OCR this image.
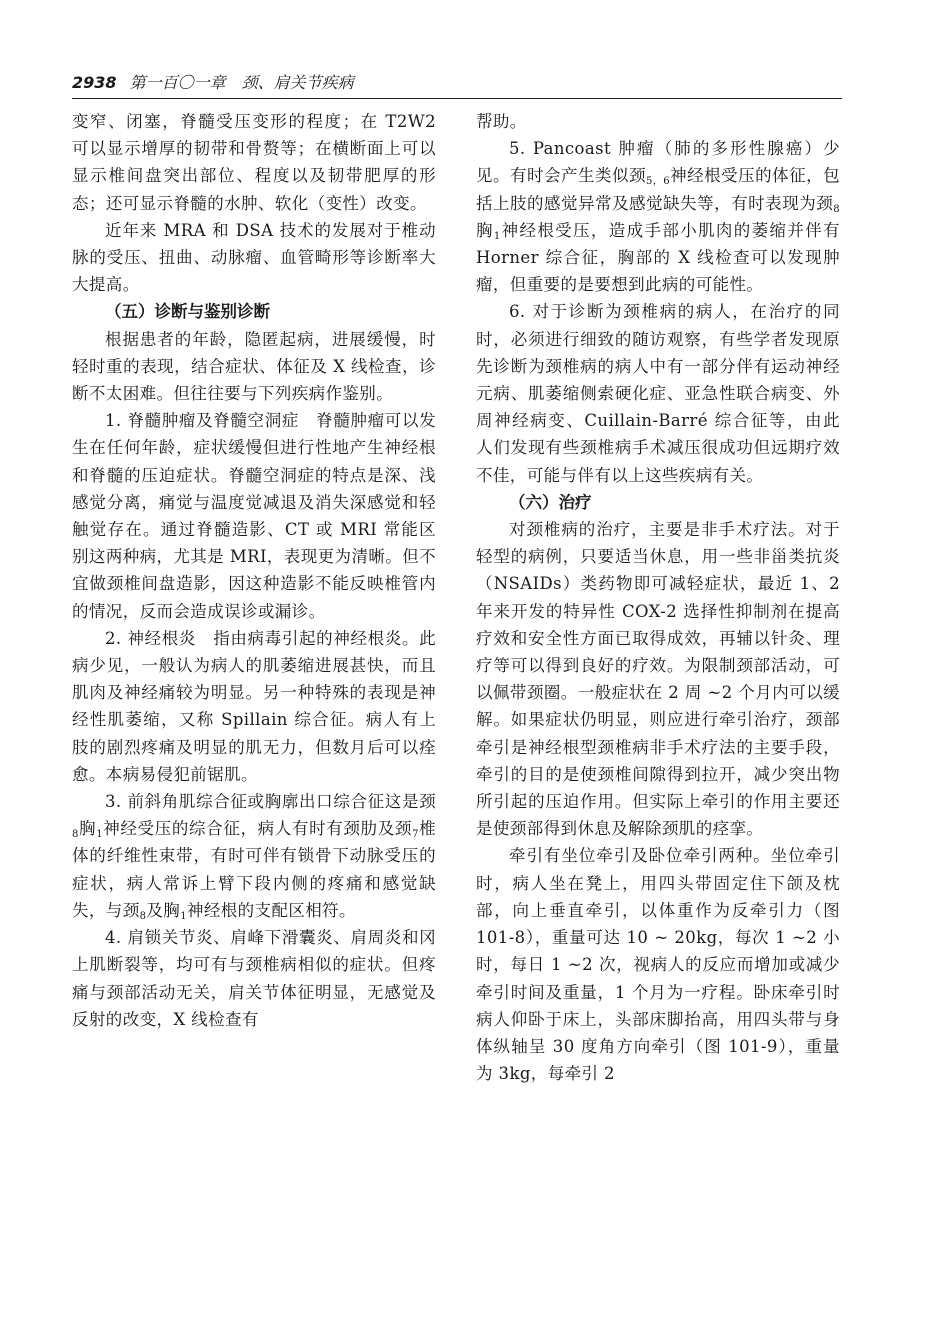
2938 第一百〇一章　颈、肩关节疾病

变窄、闭塞，脊髓受压变形的程度；在 T2W2 可以显示增厚的韧带和骨赘等；在横断面上可以显示椎间盘突出部位、程度以及韧带肥厚的形态；还可显示脊髓的水肿、软化（变性）改变。

近年来 MRA 和 DSA 技术的发展对于椎动脉的受压、扭曲、动脉瘤、血管畸形等诊断率大大提高。

（五）诊断与鉴别诊断

根据患者的年龄，隐匿起病，进展缓慢，时轻时重的表现，结合症状、体征及 X 线检查，诊断不太困难。但往往要与下列疾病作鉴别。

1. 脊髓肿瘤及脊髓空洞症　脊髓肿瘤可以发生在任何年龄，症状缓慢但进行性地产生神经根和脊髓的压迫症状。脊髓空洞症的特点是深、浅感觉分离，痛觉与温度觉减退及消失深感觉和轻触觉存在。通过脊髓造影、CT 或 MRI 常能区别这两种病，尤其是 MRI，表现更为清晰。但不宜做颈椎间盘造影，因这种造影不能反映椎管内的情况，反而会造成误诊或漏诊。

2. 神经根炎　指由病毒引起的神经根炎。此病少见，一般认为病人的肌萎缩进展甚快，而且肌肉及神经痛较为明显。另一种特殊的表现是神经性肌萎缩，又称 Spillain 综合征。病人有上肢的剧烈疼痛及明显的肌无力，但数月后可以痊愈。本病易侵犯前锯肌。

3. 前斜角肌综合征或胸廓出口综合征这是颈$_8$胸$_1$神经受压的综合征，病人有时有颈肋及颈$_7$椎体的纤维性束带，有时可伴有锁骨下动脉受压的症状，病人常诉上臂下段内侧的疼痛和感觉缺失，与颈$_8$及胸$_1$神经根的支配区相符。

4. 肩锁关节炎、肩峰下滑囊炎、肩周炎和冈上肌断裂等，均可有与颈椎病相似的症状。但疼痛与颈部活动无关，肩关节体征明显，无感觉及反射的改变，X 线检查有

帮助。

5. Pancoast 肿瘤（肺的多形性腺癌）少见。有时会产生类似颈$_{5,6}$神经根受压的体征，包括上肢的感觉异常及感觉缺失等，有时表现为颈$_8$胸$_1$神经根受压，造成手部小肌肉的萎缩并伴有 Horner 综合征，胸部的 X 线检查可以发现肿瘤，但重要的是要想到此病的可能性。

6. 对于诊断为颈椎病的病人，在治疗的同时，必须进行细致的随访观察，有些学者发现原先诊断为颈椎病的病人中有一部分伴有运动神经元病、肌萎缩侧索硬化症、亚急性联合病变、外周神经病变、Cuillain-Barré 综合征等，由此人们发现有些颈椎病手术减压很成功但远期疗效不佳，可能与伴有以上这些疾病有关。

（六）治疗

对颈椎病的治疗，主要是非手术疗法。对于轻型的病例，只要适当休息，用一些非甾类抗炎（NSAIDs）类药物即可减轻症状，最近 1、2 年来开发的特异性 COX-2 选择性抑制剂在提高疗效和安全性方面已取得成效，再辅以针灸、理疗等可以得到良好的疗效。为限制颈部活动，可以佩带颈圈。一般症状在 2 周 ~2 个月内可以缓解。如果症状仍明显，则应进行牵引治疗，颈部牵引是神经根型颈椎病非手术疗法的主要手段，牵引的目的是使颈椎间隙得到拉开，减少突出物所引起的压迫作用。但实际上牵引的作用主要还是使颈部得到休息及解除颈肌的痉挛。

牵引有坐位牵引及卧位牵引两种。坐位牵引时，病人坐在凳上，用四头带固定住下颌及枕部，向上垂直牵引，以体重作为反牵引力（图 101-8），重量可达 10 ~ 20kg，每次 1 ~2 小时，每日 1 ~2 次，视病人的反应而增加或减少牵引时间及重量，1 个月为一疗程。卧床牵引时病人仰卧于床上，头部床脚抬高，用四头带与身体纵轴呈 30 度角方向牵引（图 101-9），重量为 3kg，每牵引 2
